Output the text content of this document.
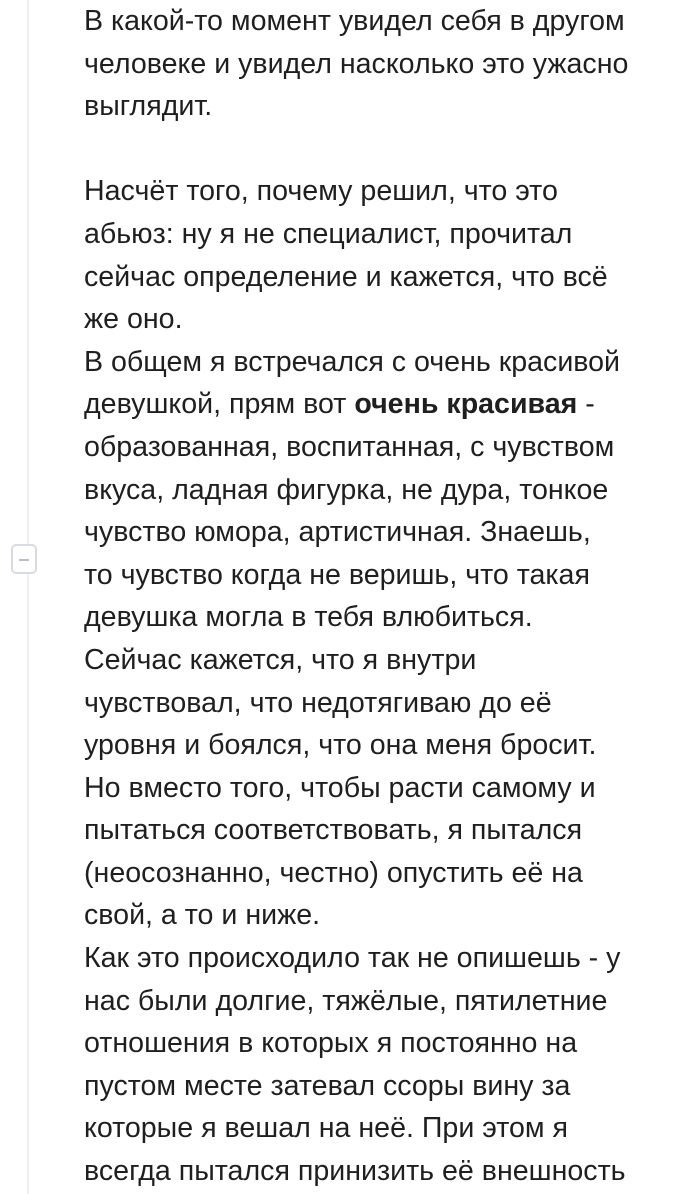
В какой-то момент увидел себя в другом
человеке и увидел насколько это ужасно
выглядит.

Насчёт того, почему решил, что это
абьюз: ну я не специалист, прочитал
сейчас определение и кажется, что всё
же оно.

В общем я встречался с очень красивой
девушкой, прям вот очень красивая -
образованная, воспитанная, с чувством
вкуса, ладная фигурка, не дура, тонкое
чувство юмора, артистичная. Знаешь,
то чувство когда не веришь, что такая
девушка могла в тебя влюбиться.
Сейчас кажется, что я внутри
чувствовал, что недотягиваю до её
уровня и боялся, что она меня бросит.
Но вместо того, чтобы расти самому и
пытаться соответствовать, я пытался
(неосознанно, честно) опустить её на
свой, а то и ниже.

Как это происходило так не опишешь - у
нас были долгие, тяжёлые, пятилетние
отношения в которых я постоянно на
пустом месте затевал ссоры вину за
которые я вешал на неё. При этом я
всегда пытался принизить её внешность
